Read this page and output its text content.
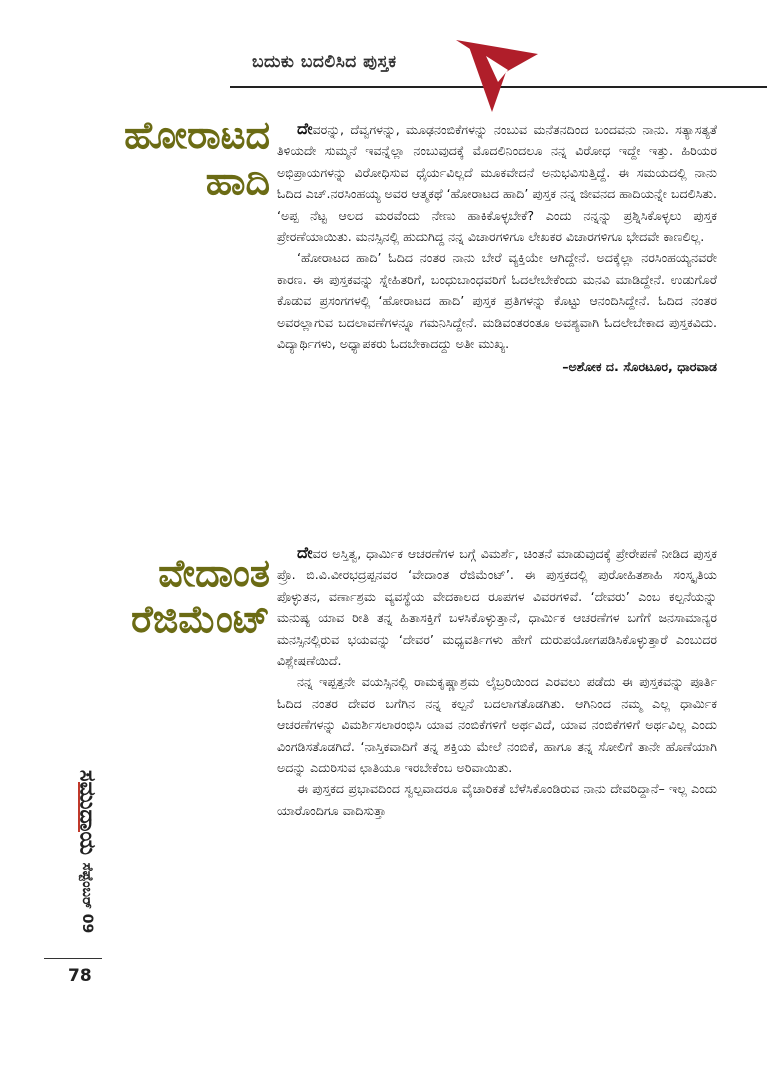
ಬದುಕು ಬದಲಿಸಿದ ಪುಸ್ತಕ
ಹೋರಾಟದ
ಹಾದಿ

ದೇವರನ್ನು, ದೆವ್ವಗಳನ್ನು, ಮೂಢನಂಬಿಕೆಗಳನ್ನು ನಂಬುವ ಮನೆತನದಿಂದ ಬಂದವನು ನಾನು. ಸತ್ಯಾಸತ್ಯತೆ ತಿಳಿಯದೇ ಸುಮ್ಮನೆ ಇವನ್ನೆಲ್ಲಾ ನಂಬುವುದಕ್ಕೆ ಮೊದಲಿನಿಂದಲೂ ನನ್ನ ವಿರೋಧ ಇದ್ದೇ ಇತ್ತು. ಹಿರಿಯರ ಅಭಿಪ್ರಾಯಗಳನ್ನು ವಿರೋಧಿಸುವ ಧೈರ್ಯವಿಲ್ಲದೆ ಮೂಕವೇದನೆ ಅನುಭವಿಸುತ್ತಿದ್ದೆ. ಈ ಸಮಯದಲ್ಲಿ ನಾನು ಓದಿದ ಎಚ್.ನರಸಿಂಹಯ್ಯ ಅವರ ಆತ್ಮಕಥೆ ‘ಹೋರಾಟದ ಹಾದಿ’ ಪುಸ್ತಕ ನನ್ನ ಜೀವನದ ಹಾದಿಯನ್ನೇ ಬದಲಿಸಿತು. ‘ಅಪ್ಪ ನೆಟ್ಟ ಆಲದ ಮರವೆಂದು ನೇಣು ಹಾಕಿಕೊಳ್ಳಬೇಕೆ? ಎಂದು ನನ್ನನ್ನು ಪ್ರಶ್ನಿಸಿಕೊಳ್ಳಲು ಪುಸ್ತಕ ಪ್ರೇರಣೆಯಾಯಿತು. ಮನಸ್ಸಿನಲ್ಲಿ ಹುದುಗಿದ್ದ ನನ್ನ ವಿಚಾರಗಳಿಗೂ ಲೇಖಕರ ವಿಚಾರಗಳಿಗೂ ಭೇದವೇ ಕಾಣಲಿಲ್ಲ.

‘ಹೋರಾಟದ ಹಾದಿ’ ಓದಿದ ನಂತರ ನಾನು ಬೇರೆ ವ್ಯಕ್ತಿಯೇ ಆಗಿದ್ದೇನೆ. ಅದಕ್ಕೆಲ್ಲಾ ನರಸಿಂಹಯ್ಯನವರೇ ಕಾರಣ. ಈ ಪುಸ್ತಕವನ್ನು ಸ್ನೇಹಿತರಿಗೆ, ಬಂಧುಬಾಂಧವರಿಗೆ ಓದಲೇಬೇಕೆಂದು ಮನವಿ ಮಾಡಿದ್ದೇನೆ. ಉಡುಗೊರೆ ಕೊಡುವ ಪ್ರಸಂಗಗಳಲ್ಲಿ ‘ಹೋರಾಟದ ಹಾದಿ’ ಪುಸ್ತಕ ಪ್ರತಿಗಳನ್ನು ಕೊಟ್ಟು ಆನಂದಿಸಿದ್ದೇನೆ. ಓದಿದ ನಂತರ ಅವರಲ್ಲಾಗುವ ಬದಲಾವಣೆಗಳನ್ನೂ ಗಮನಿಸಿದ್ದೇನೆ. ಮಡಿವಂತರಂತೂ ಅವಶ್ಯವಾಗಿ ಓದಲೇಬೇಕಾದ ಪುಸ್ತಕವಿದು. ವಿದ್ಯಾರ್ಥಿಗಳು, ಅಧ್ಯಾಪಕರು ಓದಬೇಕಾದದ್ದು ಅತೀ ಮುಖ್ಯ.

–ಅಶೋಕ ದ. ಸೊರಟೂರ, ಧಾರವಾಡ
ವೇದಾಂತ
ರೆಜಿಮೆಂಟ್

ದೇವರ ಅಸ್ತಿತ್ವ, ಧಾರ್ಮಿಕ ಆಚರಣೆಗಳ ಬಗ್ಗೆ ವಿಮರ್ಶೆ, ಚಿಂತನೆ ಮಾಡುವುದಕ್ಕೆ ಪ್ರೇರೇಪಣೆ ನೀಡಿದ ಪುಸ್ತಕ ಪ್ರೊ. ಬಿ.ವಿ.ವೀರಭದ್ರಪ್ಪನವರ ‘ವೇದಾಂತ ರೆಜಿಮೆಂಟ್’. ಈ ಪುಸ್ತಕದಲ್ಲಿ ಪುರೋಹಿತಶಾಹಿ ಸಂಸ್ಕೃತಿಯ ಪೊಳ್ಳುತನ, ವರ್ಣಾಶ್ರಮ ವ್ಯವಸ್ಥೆಯ ವೇದಕಾಲದ ರೂಪಗಳ ವಿವರಗಳಿವೆ. ‘ದೇವರು’ ಎಂಬ ಕಲ್ಪನೆಯನ್ನು ಮನುಷ್ಯ ಯಾವ ರೀತಿ ತನ್ನ ಹಿತಾಸಕ್ತಿಗೆ ಬಳಸಿಕೊಳ್ಳುತ್ತಾನೆ, ಧಾರ್ಮಿಕ ಆಚರಣೆಗಳ ಬಗೆಗೆ ಜನಸಾಮಾನ್ಯರ ಮನಸ್ಸಿನಲ್ಲಿರುವ ಭಯವನ್ನು ‘ದೇವರ’ ಮಧ್ಯವರ್ತಿಗಳು ಹೇಗೆ ದುರುಪಯೋಗಪಡಿಸಿಕೊಳ್ಳುತ್ತಾರೆ ಎಂಬುದರ ವಿಶ್ಲೇಷಣೆಯಿದೆ.

ನನ್ನ ಇಪ್ಪತ್ತನೇ ವಯಸ್ಸಿನಲ್ಲಿ ರಾಮಕೃಷ್ಣಾಶ್ರಮ ಲೈಬ್ರರಿಯಿಂದ ಎರವಲು ಪಡೆದು ಈ ಪುಸ್ತಕವನ್ನು ಪೂರ್ತಿ ಓದಿದ ನಂತರ ದೇವರ ಬಗೆಗಿನ ನನ್ನ ಕಲ್ಪನೆ ಬದಲಾಗತೊಡಗಿತು. ಆಗಿನಿಂದ ನಮ್ಮ ಎಲ್ಲ ಧಾರ್ಮಿಕ ಆಚರಣೆಗಳನ್ನು ವಿಮರ್ಶಿಸಲಾರಂಭಿಸಿ ಯಾವ ನಂಬಿಕೆಗಳಿಗೆ ಅರ್ಥವಿದೆ, ಯಾವ ನಂಬಿಕೆಗಳಿಗೆ ಅರ್ಥವಿಲ್ಲ ಎಂದು ವಿಂಗಡಿಸತೊಡಗಿದೆ. ‘ನಾಸ್ತಿಕವಾದಿಗೆ ತನ್ನ ಶಕ್ತಿಯ ಮೇಲೆ ನಂಬಿಕೆ, ಹಾಗೂ ತನ್ನ ಸೋಲಿಗೆ ತಾನೇ ಹೊಣೆಯಾಗಿ ಅದನ್ನು ಎದುರಿಸುವ ಛಾತಿಯೂ ಇರಬೇಕೆಂಬ ಅರಿವಾಯಿತು.

ಈ ಪುಸ್ತಕದ ಪ್ರಭಾವದಿಂದ ಸ್ವಲ್ಪವಾದರೂ ವೈಚಾರಿಕತೆ ಬೆಳೆಸಿಕೊಂಡಿರುವ ನಾನು ದೇವರಿದ್ದಾನೆ– ಇಲ್ಲ ಎಂದು ಯಾರೊಂದಿಗೂ ವಾದಿಸುತ್ತಾ

ಸಮುದಾಯ
ಸೆಪ್ಟೆಂಬರ್ 09
78
